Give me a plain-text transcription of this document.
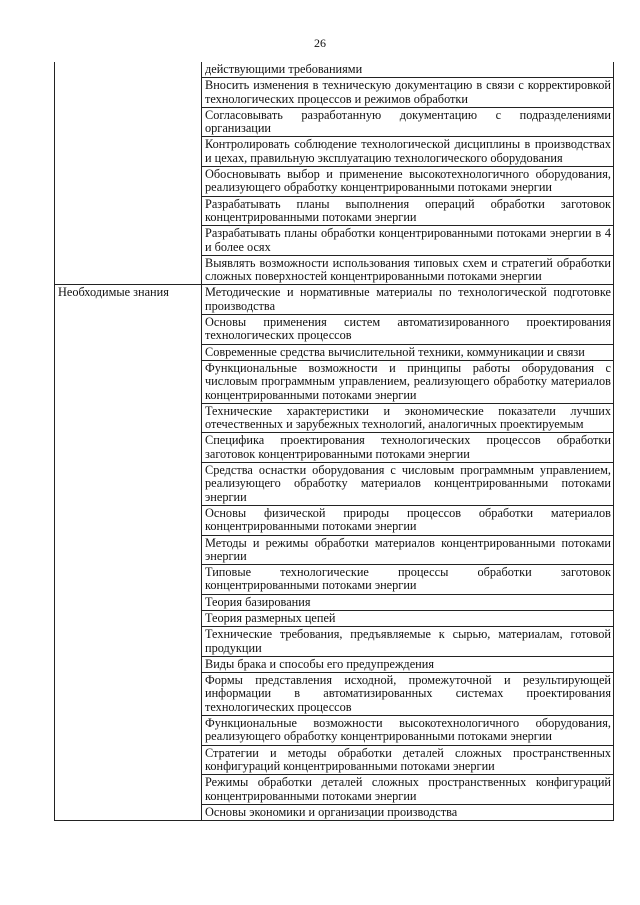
26
	действующими требованиями
	Вносить изменения в техническую документацию в связи с корректировкой технологических процессов и режимов обработки
	Согласовывать разработанную документацию с подразделениями организации
	Контролировать соблюдение технологической дисциплины в производствах и цехах, правильную эксплуатацию технологического оборудования
	Обосновывать выбор и применение высокотехнологичного оборудования, реализующего обработку концентрированными потоками энергии
	Разрабатывать планы выполнения операций обработки заготовок концентрированными потоками энергии
	Разрабатывать планы обработки концентрированными потоками энергии в 4 и более осях
	Выявлять возможности использования типовых схем и стратегий обработки сложных поверхностей концентрированными потоками энергии
Необходимые знания	Методические и нормативные материалы по технологической подготовке производства
	Основы применения систем автоматизированного проектирования технологических процессов
	Современные средства вычислительной техники, коммуникации и связи
	Функциональные возможности и принципы работы оборудования с числовым программным управлением, реализующего обработку материалов концентрированными потоками энергии
	Технические характеристики и экономические показатели лучших отечественных и зарубежных технологий, аналогичных проектируемым
	Специфика проектирования технологических процессов обработки заготовок концентрированными потоками энергии
	Средства оснастки оборудования с числовым программным управлением, реализующего обработку материалов концентрированными потоками энергии
	Основы физической природы процессов обработки материалов концентрированными потоками энергии
	Методы и режимы обработки материалов концентрированными потоками энергии
	Типовые технологические процессы обработки заготовок концентрированными потоками энергии
	Теория базирования
	Теория размерных цепей
	Технические требования, предъявляемые к сырью, материалам, готовой продукции
	Виды брака и способы его предупреждения
	Формы представления исходной, промежуточной и результирующей информации в автоматизированных системах проектирования технологических процессов
	Функциональные возможности высокотехнологичного оборудования, реализующего обработку концентрированными потоками энергии
	Стратегии и методы обработки деталей сложных пространственных конфигураций концентрированными потоками энергии
	Режимы обработки деталей сложных пространственных конфигураций концентрированными потоками энергии
	Основы экономики и организации производства
